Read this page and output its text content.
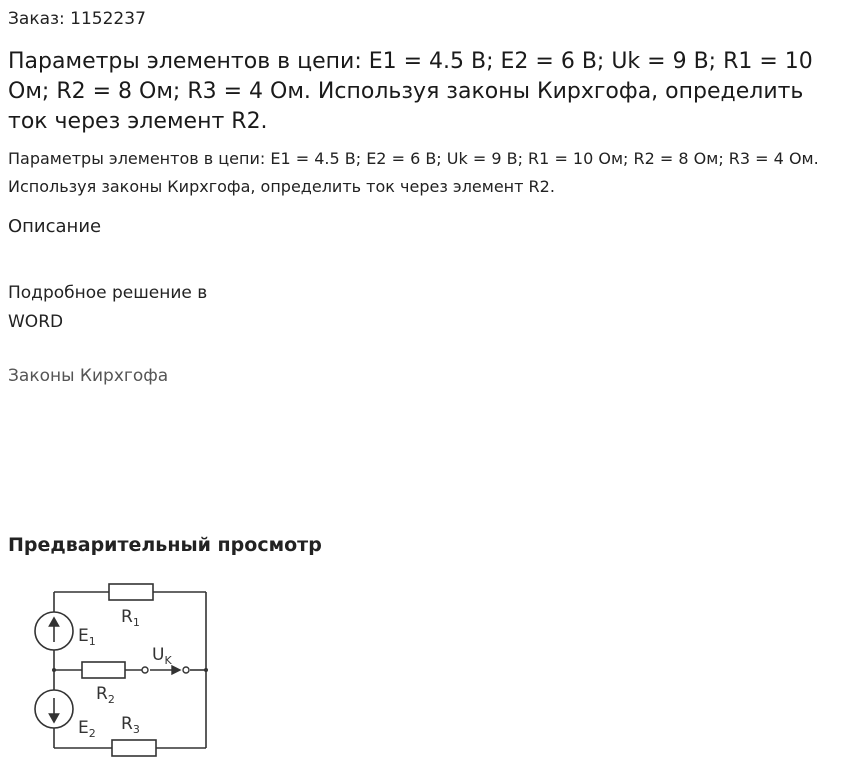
Заказ: 1152237
Параметры элементов в цепи: E1 = 4.5 В; E2 = 6 В; Uk = 9 В; R1 = 10 Ом; R2 = 8 Ом; R3 = 4 Ом. Используя законы Кирхгофа, определить ток через элемент R2.
Параметры элементов в цепи: E1 = 4.5 В; E2 = 6 В; Uk = 9 В; R1 = 10 Ом; R2 = 8 Ом; R3 = 4 Ом. Используя законы Кирхгофа, определить ток через элемент R2.
Описание
Подробное решение в WORD
Законы Кирхгофа
Предварительный просмотр
$R_1$
$E_1$
$U_K$
$R_2$
$R_3$
$E_2$
